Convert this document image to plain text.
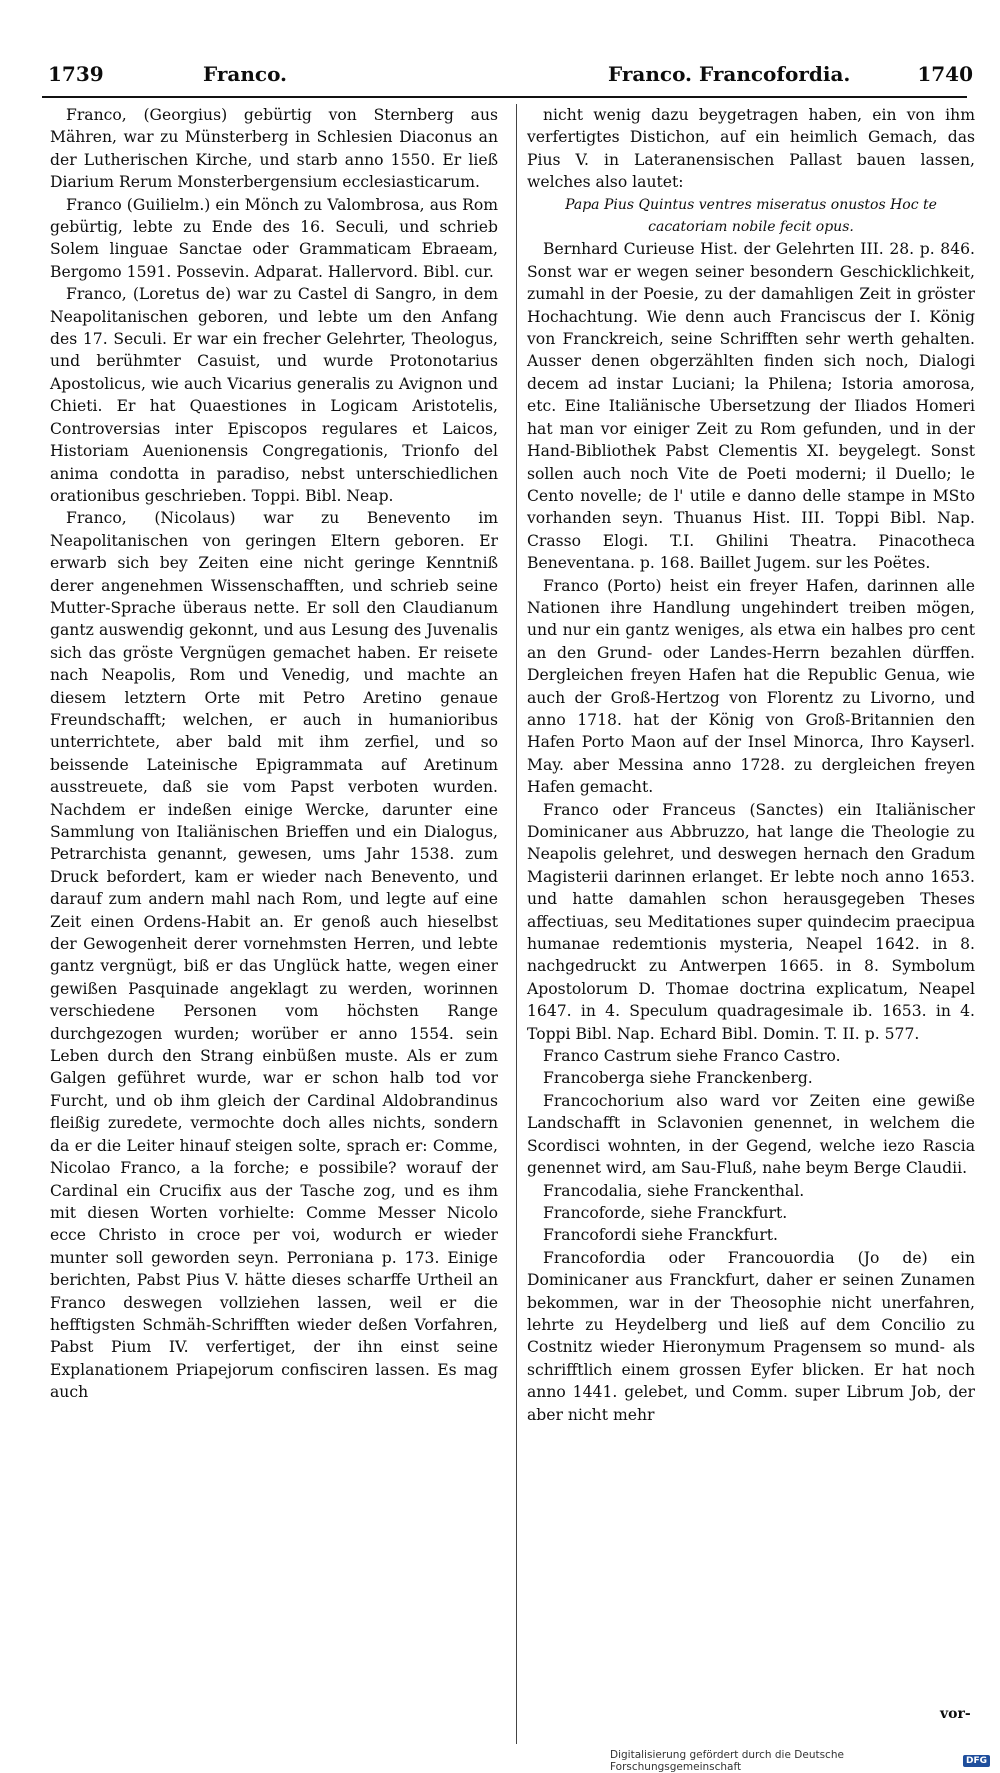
1739	Franco.	Franco. Francofordia.	1740

Franco, (Georgius) gebürtig von Sternberg aus Mähren, war zu Münsterberg in Schlesien Diaconus an der Lutherischen Kirche, und starb anno 1550. Er ließ Diarium Rerum Monsterbergensium ecclesiasticarum.

Franco (Guilielm.) ein Mönch zu Valombrosa, aus Rom gebürtig, lebte zu Ende des 16. Seculi, und schrieb Solem linguae Sanctae oder Grammaticam Ebraeam, Bergomo 1591. Possevin. Adparat. Hallervord. Bibl. cur.

Franco, (Loretus de) war zu Castel di Sangro, in dem Neapolitanischen geboren, und lebte um den Anfang des 17. Seculi. Er war ein frecher Gelehrter, Theologus, und berühmter Casuist, und wurde Protonotarius Apostolicus, wie auch Vicarius generalis zu Avignon und Chieti. Er hat Quaestiones in Logicam Aristotelis, Controversias inter Episcopos regulares et Laicos, Historiam Auenionensis Congregationis, Trionfo del anima condotta in paradiso, nebst unterschiedlichen orationibus geschrieben. Toppi. Bibl. Neap.

Franco, (Nicolaus) war zu Benevento im Neapolitanischen von geringen Eltern geboren. Er erwarb sich bey Zeiten eine nicht geringe Kenntniß derer angenehmen Wissenschafften, und schrieb seine Mutter-Sprache überaus nette. Er soll den Claudianum gantz auswendig gekonnt, und aus Lesung des Juvenalis sich das gröste Vergnügen gemachet haben. Er reisete nach Neapolis, Rom und Venedig, und machte an diesem letztern Orte mit Petro Aretino genaue Freundschafft; welchen, er auch in humanioribus unterrichtete, aber bald mit ihm zerfiel, und so beissende Lateinische Epigrammata auf Aretinum ausstreuete, daß sie vom Papst verboten wurden. Nachdem er indeßen einige Wercke, darunter eine Sammlung von Italiänischen Brieffen und ein Dialogus, Petrarchista genannt, gewesen, ums Jahr 1538. zum Druck befordert, kam er wieder nach Benevento, und darauf zum andern mahl nach Rom, und legte auf eine Zeit einen Ordens-Habit an. Er genoß auch hieselbst der Gewogenheit derer vornehmsten Herren, und lebte gantz vergnügt, biß er das Unglück hatte, wegen einer gewißen Pasquinade angeklagt zu werden, worinnen verschiedene Personen vom höchsten Range durchgezogen wurden; worüber er anno 1554. sein Leben durch den Strang einbüßen muste. Als er zum Galgen geführet wurde, war er schon halb tod vor Furcht, und ob ihm gleich der Cardinal Aldobrandinus fleißig zuredete, vermochte doch alles nichts, sondern da er die Leiter hinauf steigen solte, sprach er: Comme, Nicolao Franco, a la forche; e possibile? worauf der Cardinal ein Crucifix aus der Tasche zog, und es ihm mit diesen Worten vorhielte: Comme Messer Nicolo ecce Christo in croce per voi, wodurch er wieder munter soll geworden seyn. Perroniana p. 173. Einige berichten, Pabst Pius V. hätte dieses scharffe Urtheil an Franco deswegen vollziehen lassen, weil er die hefftigsten Schmäh-Schrifften wieder deßen Vorfahren, Pabst Pium IV. verfertiget, der ihn einst seine Explanationem Priapejorum confisciren lassen. Es mag auch

nicht wenig dazu beygetragen haben, ein von ihm verfertigtes Distichon, auf ein heimlich Gemach, das Pius V. in Lateranensischen Pallast bauen lassen, welches also lautet:

Papa Pius Quintus ventres miseratus onustos Hoc te cacatoriam nobile fecit opus.

Bernhard Curieuse Hist. der Gelehrten III. 28. p. 846. Sonst war er wegen seiner besondern Geschicklichkeit, zumahl in der Poesie, zu der damahligen Zeit in gröster Hochachtung. Wie denn auch Franciscus der I. König von Franckreich, seine Schrifften sehr werth gehalten. Ausser denen obgerzählten finden sich noch, Dialogi decem ad instar Luciani; la Philena; Istoria amorosa, etc. Eine Italiänische Ubersetzung der Iliados Homeri hat man vor einiger Zeit zu Rom gefunden, und in der Hand-Bibliothek Pabst Clementis XI. beygelegt. Sonst sollen auch noch Vite de Poeti moderni; il Duello; le Cento novelle; de l' utile e danno delle stampe in MSto vorhanden seyn. Thuanus Hist. III. Toppi Bibl. Nap. Crasso Elogi. T.I. Ghilini Theatra. Pinacotheca Beneventana. p. 168. Baillet Jugem. sur les Poëtes.

Franco (Porto) heist ein freyer Hafen, darinnen alle Nationen ihre Handlung ungehindert treiben mögen, und nur ein gantz weniges, als etwa ein halbes pro cent an den Grund- oder Landes-Herrn bezahlen dürffen. Dergleichen freyen Hafen hat die Republic Genua, wie auch der Groß-Hertzog von Florentz zu Livorno, und anno 1718. hat der König von Groß-Britannien den Hafen Porto Maon auf der Insel Minorca, Ihro Kayserl. May. aber Messina anno 1728. zu dergleichen freyen Hafen gemacht.

Franco oder Franceus (Sanctes) ein Italiänischer Dominicaner aus Abbruzzo, hat lange die Theologie zu Neapolis gelehret, und deswegen hernach den Gradum Magisterii darinnen erlanget. Er lebte noch anno 1653. und hatte damahlen schon herausgegeben Theses affectiuas, seu Meditationes super quindecim praecipua humanae redemtionis mysteria, Neapel 1642. in 8. nachgedruckt zu Antwerpen 1665. in 8. Symbolum Apostolorum D. Thomae doctrina explicatum, Neapel 1647. in 4. Speculum quadragesimale ib. 1653. in 4. Toppi Bibl. Nap. Echard Bibl. Domin. T. II. p. 577.

Franco Castrum siehe Franco Castro.

Francoberga siehe Franckenberg.

Francochorium also ward vor Zeiten eine gewiße Landschafft in Sclavonien genennet, in welchem die Scordisci wohnten, in der Gegend, welche iezo Rascia genennet wird, am Sau-Fluß, nahe beym Berge Claudii.

Francodalia, siehe Franckenthal.

Francoforde, siehe Franckfurt.

Francofordi siehe Franckfurt.

Francofordia oder Francouordia (Jo de) ein Dominicaner aus Franckfurt, daher er seinen Zunamen bekommen, war in der Theosophie nicht unerfahren, lehrte zu Heydelberg und ließ auf dem Concilio zu Costnitz wieder Hieronymum Pragensem so mund- als schrifftlich einem grossen Eyfer blicken. Er hat noch anno 1441. gelebet, und Comm. super Librum Job, der aber nicht mehr

vor-
Digitalisierung gefördert durch die Deutsche Forschungsgemeinschaft	DFG
